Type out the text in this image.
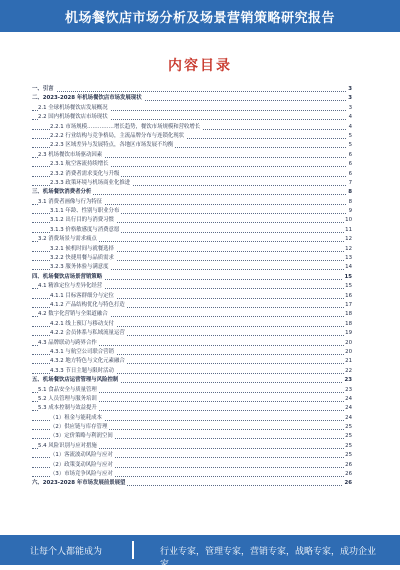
机场餐饮店市场分析及场景营销策略研究报告
内容目录
一、引言	3
二、2023-2028 年机场餐饮店市场发展现状	3
2.1 全球机场餐饮店发展概况	3
2.2 国内机场餐饮店市场现状	4
2.2.1 市场规模……………增长趋势，餐饮市场规模和营收增长	4
2.2.2 行业结构与竞争格局，主流品牌分布与连锁化现状	5
2.2.3 区域差异与发展特点，各地区市场发展不均衡	5
2.3 机场餐饮市场驱动因素	6
2.3.1 航空客流持续增长	6
2.3.2 消费者需求变化与升级	6
2.3.3 政策环境与机场商业化推进	7
三、机场餐饮消费者分析	8
3.1 消费者画像与行为特征	8
3.1.1 年龄、性别与职业分布	9
3.1.2 出行目的与消费习惯	10
3.1.3 价格敏感度与消费意愿	11
3.2 消费场景与需求痛点	12
3.2.1 候机时间与就餐选择	12
3.2.2 快捷用餐与品质需求	13
3.2.3 服务体验与满意度	14
四、机场餐饮店场景营销策略	15
4.1 精准定位与差异化经营	15
4.1.1 目标客群细分与定位	16
4.1.2 产品结构优化与特色打造	17
4.2 数字化营销与全渠道融合	18
4.2.1 线上预订与移动支付	18
4.2.2 会员体系与私域流量运营	19
4.3 品牌联动与跨界合作	20
4.3.1 与航空公司联合营销	20
4.3.2 地方特色与文化元素融合	21
4.3.3 节日主题与限时活动	22
五、机场餐饮店运营管理与风险控制	23
5.1 食品安全与质量管理	23
5.2 人员管理与服务培训	24
5.3 成本控制与效益提升	24
（1）租金与能耗成本	24
（2）供应链与库存管理	25
（3）定价策略与利润空间	25
5.4 风险识别与应对措施	25
（1）客流波动风险与应对	25
（2）政策变动风险与应对	26
（3）市场竞争风险与应对	26
六、2023-2028 年市场发展前景展望	26
让每个人都能成为	行业专家，管理专家，营销专家，战略专家，成功企业家……
